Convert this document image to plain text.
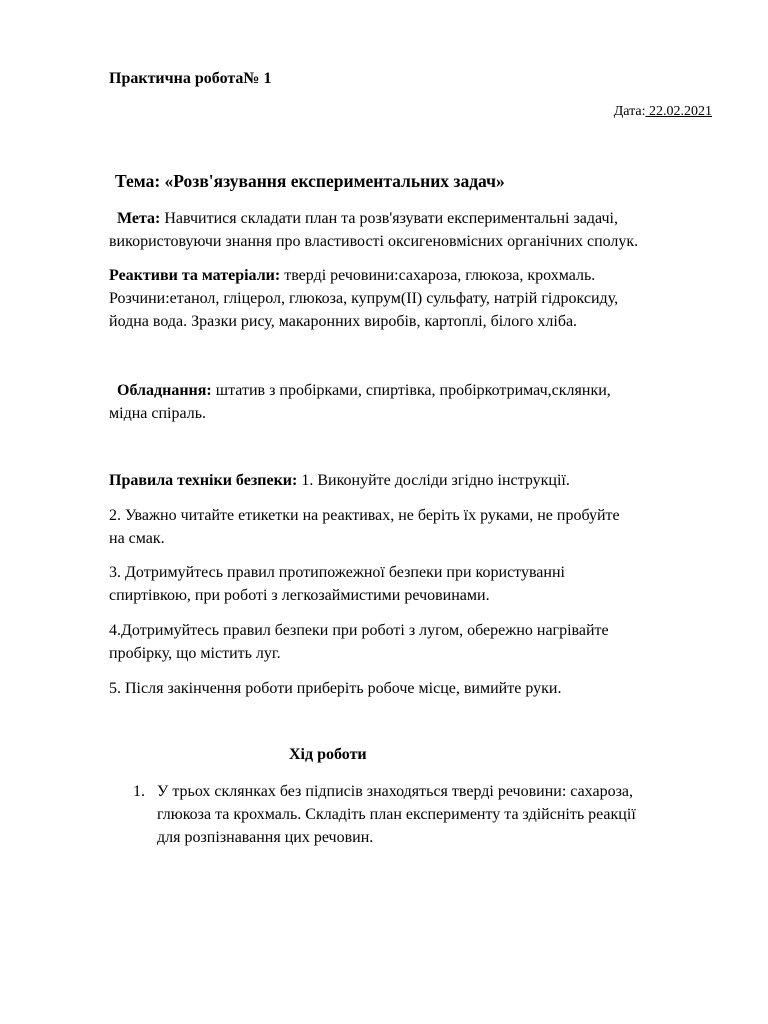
Практична робота№ 1
Дата: 22.02.2021
Тема: «Розв'язування експериментальних задач»
Мета: Навчитися складати план та розв'язувати експериментальні задачі,
використовуючи знання про властивості оксигеновмісних органічних сполук.
Реактиви та матеріали: тверді речовини:сахароза, глюкоза, крохмаль.
Розчини:етанол, гліцерол, глюкоза, купрум(ІІ) сульфату, натрій гідроксиду,
йодна вода. Зразки рису, макаронних виробів, картоплі, білого хліба.
Обладнання: штатив з пробірками, спиртівка, пробіркотримач,склянки,
мідна спіраль.
Правила техніки безпеки: 1. Виконуйте досліди згідно інструкції.
2. Уважно читайте етикетки на реактивах, не беріть їх руками, не пробуйте
на смак.
3. Дотримуйтесь правил протипожежної безпеки при користуванні
спиртівкою, при роботі з легкозаймистими речовинами.
4.Дотримуйтесь правил безпеки при роботі з лугом, обережно нагрівайте
пробірку, що містить луг.
5. Після закінчення роботи приберіть робоче місце, вимийте руки.
Хід роботи
1. У трьох склянках без підписів знаходяться тверді речовини: сахароза,
глюкоза та крохмаль. Складіть план експерименту та здійсніть реакції
для розпізнавання цих речовин.
